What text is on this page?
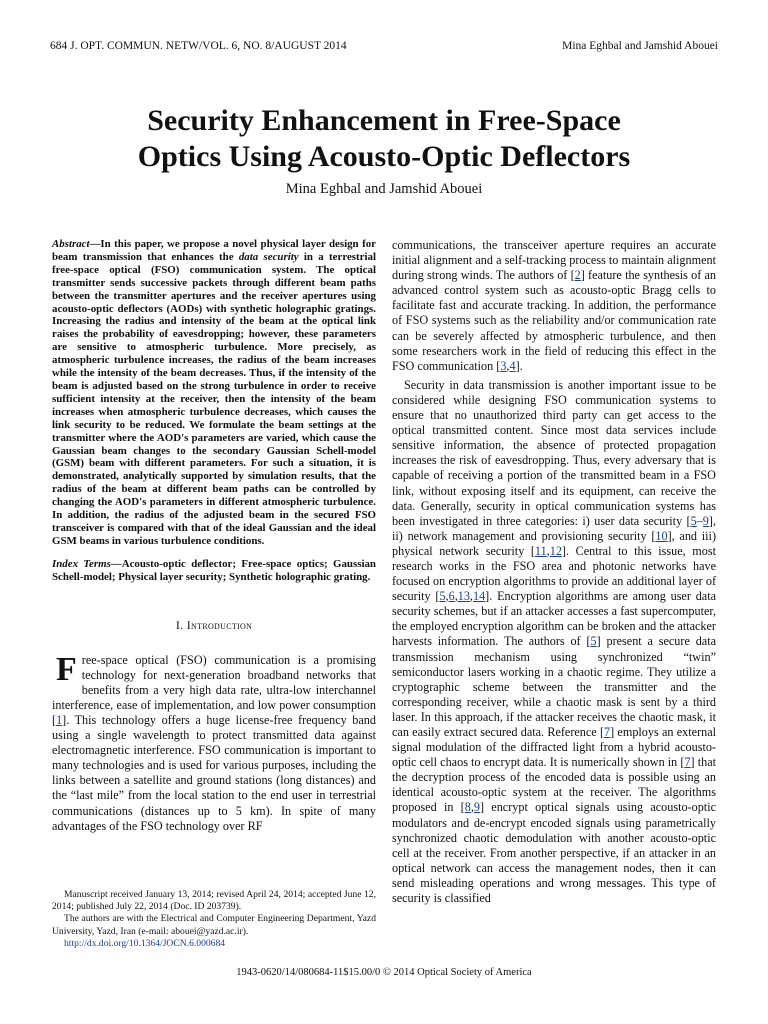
684 J. OPT. COMMUN. NETW/VOL. 6, NO. 8/AUGUST 2014	Mina Eghbal and Jamshid Abouei
Security Enhancement in Free-Space
Optics Using Acousto-Optic Deflectors
Mina Eghbal and Jamshid Abouei

Abstract—In this paper, we propose a novel physical layer design for beam transmission that enhances the data security in a terrestrial free-space optical (FSO) communication system. The optical transmitter sends successive packets through different beam paths between the transmitter apertures and the receiver apertures using acousto-optic deflectors (AODs) with synthetic holographic gratings. Increasing the radius and intensity of the beam at the optical link raises the probability of eavesdropping; however, these parameters are sensitive to atmospheric turbulence. More precisely, as atmospheric turbulence increases, the radius of the beam increases while the intensity of the beam decreases. Thus, if the intensity of the beam is adjusted based on the strong turbulence in order to receive sufficient intensity at the receiver, then the intensity of the beam increases when atmospheric turbulence decreases, which causes the link security to be reduced. We formulate the beam settings at the transmitter where the AOD's parameters are varied, which cause the Gaussian beam changes to the secondary Gaussian Schell-model (GSM) beam with different parameters. For such a situation, it is demonstrated, analytically supported by simulation results, that the radius of the beam at different beam paths can be controlled by changing the AOD's parameters in different atmospheric turbulence. In addition, the radius of the adjusted beam in the secured FSO transceiver is compared with that of the ideal Gaussian and the ideal GSM beams in various turbulence conditions.

Index Terms—Acousto-optic deflector; Free-space optics; Gaussian Schell-model; Physical layer security; Synthetic holographic grating.

I. Introduction

Free-space optical (FSO) communication is a promising technology for next-generation broadband networks that benefits from a very high data rate, ultra-low interchannel interference, ease of implementation, and low power consumption [1]. This technology offers a huge license-free frequency band using a single wavelength to protect transmitted data against electromagnetic interference. FSO communication is important to many technologies and is used for various purposes, including the links between a satellite and ground stations (long distances) and the “last mile” from the local station to the end user in terrestrial communications (distances up to 5 km). In spite of many advantages of the FSO technology over RF

Manuscript received January 13, 2014; revised April 24, 2014; accepted June 12, 2014; published July 22, 2014 (Doc. ID 203739).

The authors are with the Electrical and Computer Engineering Department, Yazd University, Yazd, Iran (e-mail: abouei@yazd.ac.ir).

http://dx.doi.org/10.1364/JOCN.6.000684

communications, the transceiver aperture requires an accurate initial alignment and a self-tracking process to maintain alignment during strong winds. The authors of [2] feature the synthesis of an advanced control system such as acousto-optic Bragg cells to facilitate fast and accurate tracking. In addition, the performance of FSO systems such as the reliability and/or communication rate can be severely affected by atmospheric turbulence, and then some researchers work in the field of reducing this effect in the FSO communication [3,4].

Security in data transmission is another important issue to be considered while designing FSO communication systems to ensure that no unauthorized third party can get access to the optical transmitted content. Since most data services include sensitive information, the absence of protected propagation increases the risk of eavesdropping. Thus, every adversary that is capable of receiving a portion of the transmitted beam in a FSO link, without exposing itself and its equipment, can receive the data. Generally, security in optical communication systems has been investigated in three categories: i) user data security [5–9], ii) network management and provisioning security [10], and iii) physical network security [11,12]. Central to this issue, most research works in the FSO area and photonic networks have focused on encryption algorithms to provide an additional layer of security [5,6,13,14]. Encryption algorithms are among user data security schemes, but if an attacker accesses a fast supercomputer, the employed encryption algorithm can be broken and the attacker harvests information. The authors of [5] present a secure data transmission mechanism using synchronized “twin” semiconductor lasers working in a chaotic regime. They utilize a cryptographic scheme between the transmitter and the corresponding receiver, while a chaotic mask is sent by a third laser. In this approach, if the attacker receives the chaotic mask, it can easily extract secured data. Reference [7] employs an external signal modulation of the diffracted light from a hybrid acousto-optic cell chaos to encrypt data. It is numerically shown in [7] that the decryption process of the encoded data is possible using an identical acousto-optic system at the receiver. The algorithms proposed in [8,9] encrypt optical signals using acousto-optic modulators and de-encrypt encoded signals using parametrically synchronized chaotic demodulation with another acousto-optic cell at the receiver. From another perspective, if an attacker in an optical network can access the management nodes, then it can send misleading operations and wrong messages. This type of security is classified

1943-0620/14/080684-11$15.00/0 © 2014 Optical Society of America
